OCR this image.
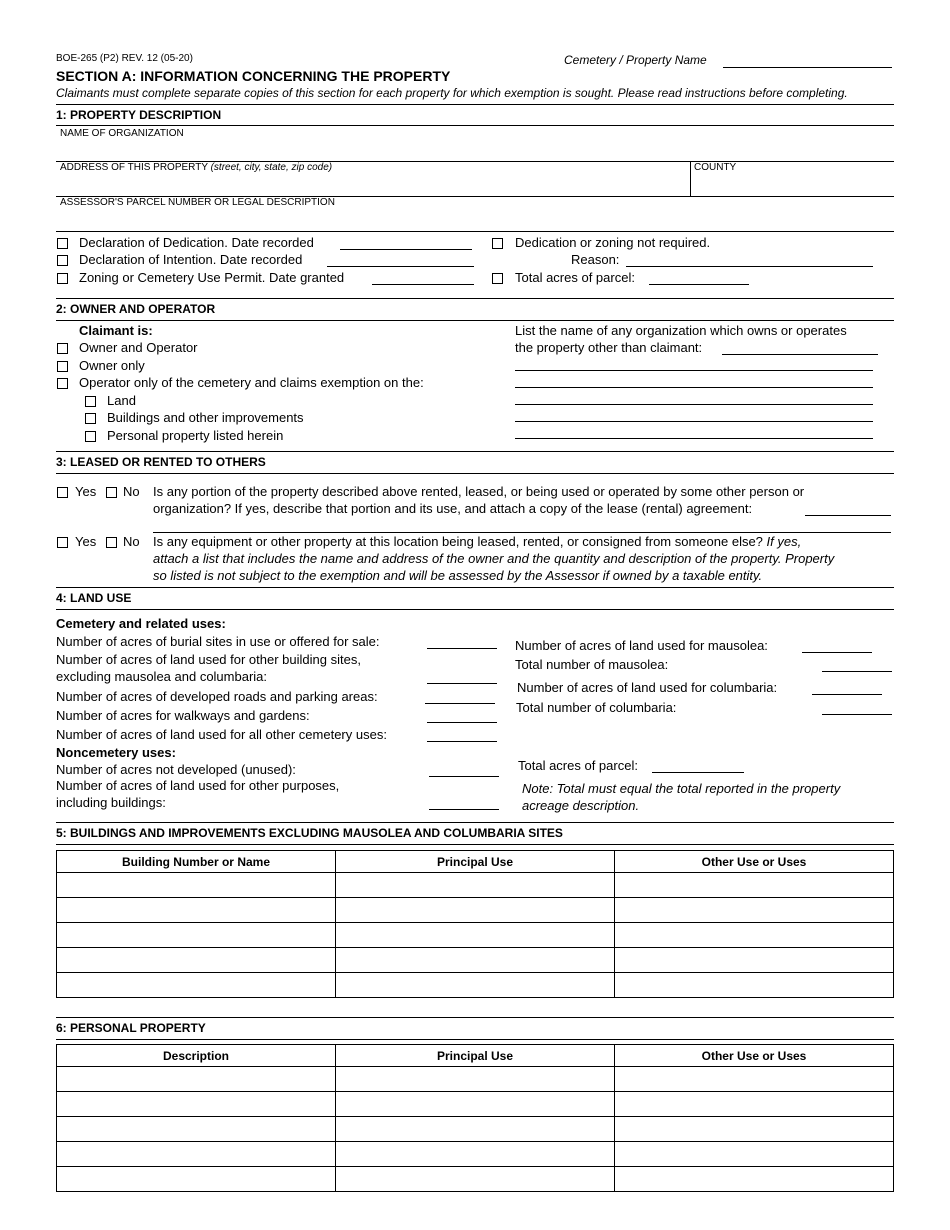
BOE-265 (P2) REV. 12 (05-20)	Cemetery / Property Name
SECTION A: INFORMATION CONCERNING THE PROPERTY
Claimants must complete separate copies of this section for each property for which exemption is sought. Please read instructions before completing.
1: PROPERTY DESCRIPTION
NAME OF ORGANIZATION
ADDRESS OF THIS PROPERTY (street, city, state, zip code)	COUNTY
ASSESSOR'S PARCEL NUMBER OR LEGAL DESCRIPTION
Declaration of Dedication. Date recorded
Declaration of Intention. Date recorded
Zoning or Cemetery Use Permit. Date granted
Dedication or zoning not required.
Reason:
Total acres of parcel:
2: OWNER AND OPERATOR
Claimant is:
Owner and Operator
Owner only
Operator only of the cemetery and claims exemption on the:
Land
Buildings and other improvements
Personal property listed herein
List the name of any organization which owns or operates
the property other than claimant:
3: LEASED OR RENTED TO OTHERS
Yes No Is any portion of the property described above rented, leased, or being used or operated by some other person or
organization? If yes, describe that portion and its use, and attach a copy of the lease (rental) agreement:
Yes No Is any equipment or other property at this location being leased, rented, or consigned from someone else? If yes,
attach a list that includes the name and address of the owner and the quantity and description of the property. Property
so listed is not subject to the exemption and will be assessed by the Assessor if owned by a taxable entity.
4: LAND USE
Cemetery and related uses:
Number of acres of burial sites in use or offered for sale:
Number of acres of land used for other building sites,
excluding mausolea and columbaria:
Number of acres of developed roads and parking areas:
Number of acres for walkways and gardens:
Number of acres of land used for all other cemetery uses:
Noncemetery uses:
Number of acres not developed (unused):
Number of acres of land used for other purposes,
including buildings:
Number of acres of land used for mausolea:
Total number of mausolea:
Number of acres of land used for columbaria:
Total number of columbaria:
Total acres of parcel:
Note: Total must equal the total reported in the property
acreage description.
5: BUILDINGS AND IMPROVEMENTS EXCLUDING MAUSOLEA AND COLUMBARIA SITES
Building Number or Name	Principal Use	Other Use or Uses

6: PERSONAL PROPERTY
Description	Principal Use	Other Use or Uses
